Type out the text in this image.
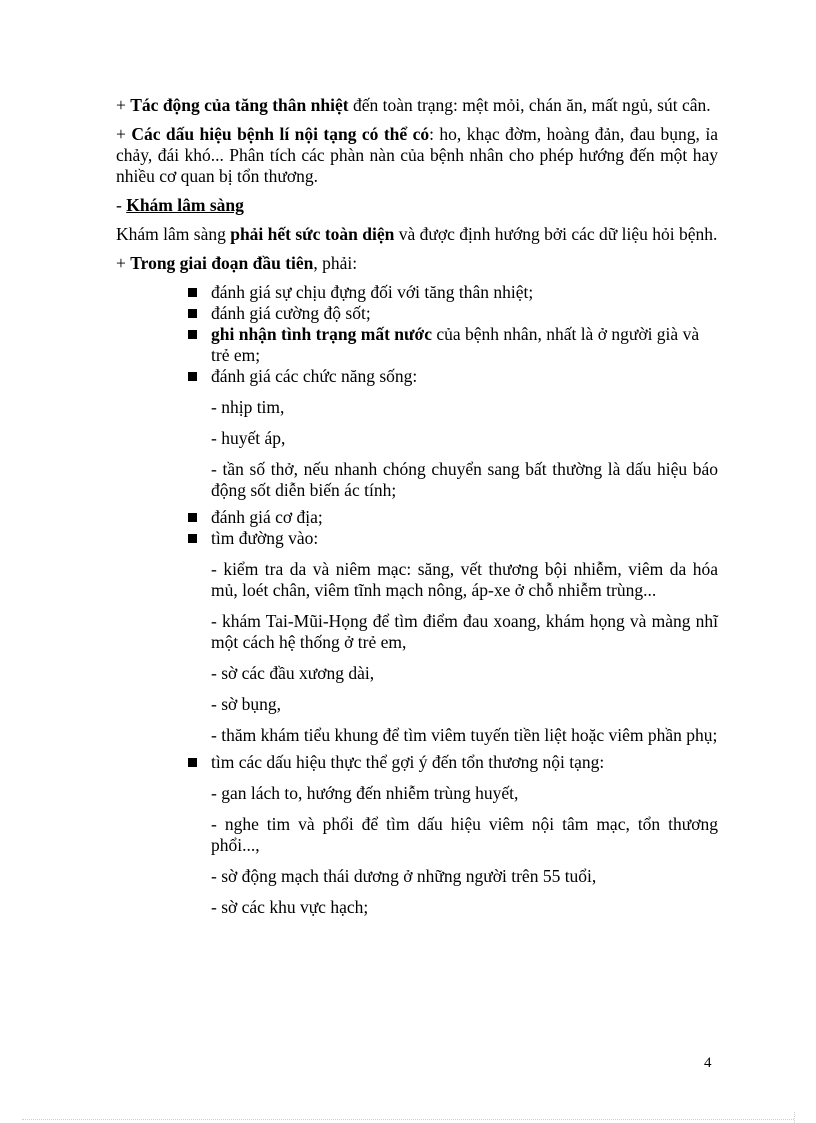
+ Tác động của tăng thân nhiệt đến toàn trạng: mệt mỏi, chán ăn, mất ngủ, sút cân.

+ Các dấu hiệu bệnh lí nội tạng có thể có: ho, khạc đờm, hoàng đản, đau bụng, ỉa chảy, đái khó... Phân tích các phàn nàn của bệnh nhân cho phép hướng đến một hay nhiều cơ quan bị tổn thương.

- Khám lâm sàng

Khám lâm sàng phải hết sức toàn diện và được định hướng bởi các dữ liệu hỏi bệnh.

+ Trong giai đoạn đầu tiên, phải:

đánh giá sự chịu đựng đối với tăng thân nhiệt;
đánh giá cường độ sốt;
ghi nhận tình trạng mất nước của bệnh nhân, nhất là ở người già và trẻ em;
đánh giá các chức năng sống:

- nhịp tim,

- huyết áp,

- tần số thở, nếu nhanh chóng chuyển sang bất thường là dấu hiệu báo động sốt diễn biến ác tính;

đánh giá cơ địa;
tìm đường vào:

- kiểm tra da và niêm mạc: săng, vết thương bội nhiễm, viêm da hóa mủ, loét chân, viêm tĩnh mạch nông, áp-xe ở chỗ nhiễm trùng...

- khám Tai-Mũi-Họng để tìm điểm đau xoang, khám họng và màng nhĩ một cách hệ thống ở trẻ em,

- sờ các đầu xương dài,

- sờ bụng,

- thăm khám tiểu khung để tìm viêm tuyến tiền liệt hoặc viêm phần phụ;

tìm các dấu hiệu thực thể gợi ý đến tổn thương nội tạng:

- gan lách to, hướng đến nhiễm trùng huyết,

- nghe tim và phổi để tìm dấu hiệu viêm nội tâm mạc, tổn thương phổi...,

- sờ động mạch thái dương ở những người trên 55 tuổi,

- sờ các khu vực hạch;

4
